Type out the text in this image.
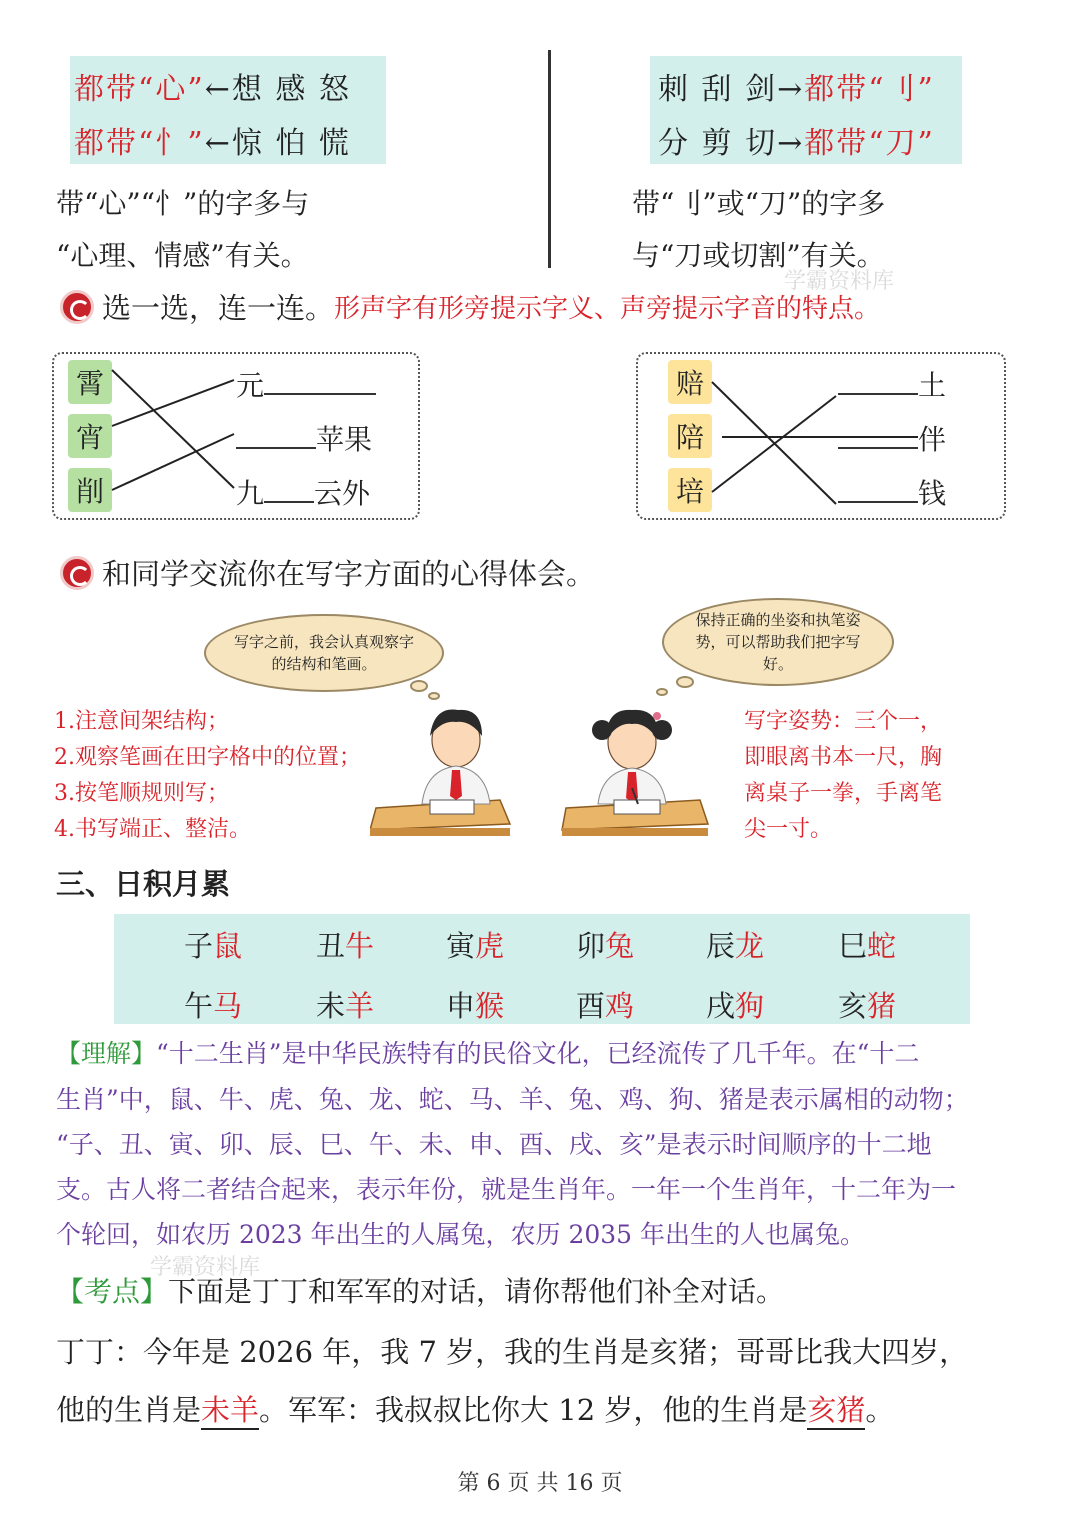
都带“心”←想 感 怒
都带“忄”←惊 怕 慌
刺 刮 剑→都带“刂”
分 剪 切→都带“刀”
带“心”“忄”的字多与
“心理、情感”有关。
带“刂”或“刀”的字多
与“刀或切割”有关。
学霸资料库
选一选，连一连。 形声字有形旁提示字义、声旁提示字音的特点。
霄
宵
削
元
苹果
九 云外
赔
陪
培
土
伴
钱
和同学交流你在写字方面的心得体会。
写字之前，我会认真观察字的结构和笔画。
保持正确的坐姿和执笔姿势，可以帮助我们把字写好。
1.注意间架结构；
2.观察笔画在田字格中的位置；
3.按笔顺规则写；
4.书写端正、整洁。
写字姿势：三个一，
即眼离书本一尺，胸
离桌子一拳，手离笔
尖一寸。
三、日积月累
子鼠	丑牛 寅虎 卯兔 辰龙	巳蛇
午马	未羊 申猴 酉鸡 戌狗	亥猪
【理解】“十二生肖”是中华民族特有的民俗文化，已经流传了几千年。在“十二
生肖”中，鼠、牛、虎、兔、龙、蛇、马、羊、兔、鸡、狗、猪是表示属相的动物；
“子、丑、寅、卯、辰、巳、午、未、申、酉、戌、亥”是表示时间顺序的十二地
支。古人将二者结合起来，表示年份，就是生肖年。一年一个生肖年，十二年为一
个轮回，如农历 2023 年出生的人属兔，农历 2035 年出生的人也属兔。
学霸资料库
【考点】下面是丁丁和军军的对话，请你帮他们补全对话。
丁丁：今年是 2026 年，我 7 岁，我的生肖是亥猪；哥哥比我大四岁，
他的生肖是未羊。军军：我叔叔比你大 12 岁，他的生肖是亥猪。
第 6 页 共 16 页
